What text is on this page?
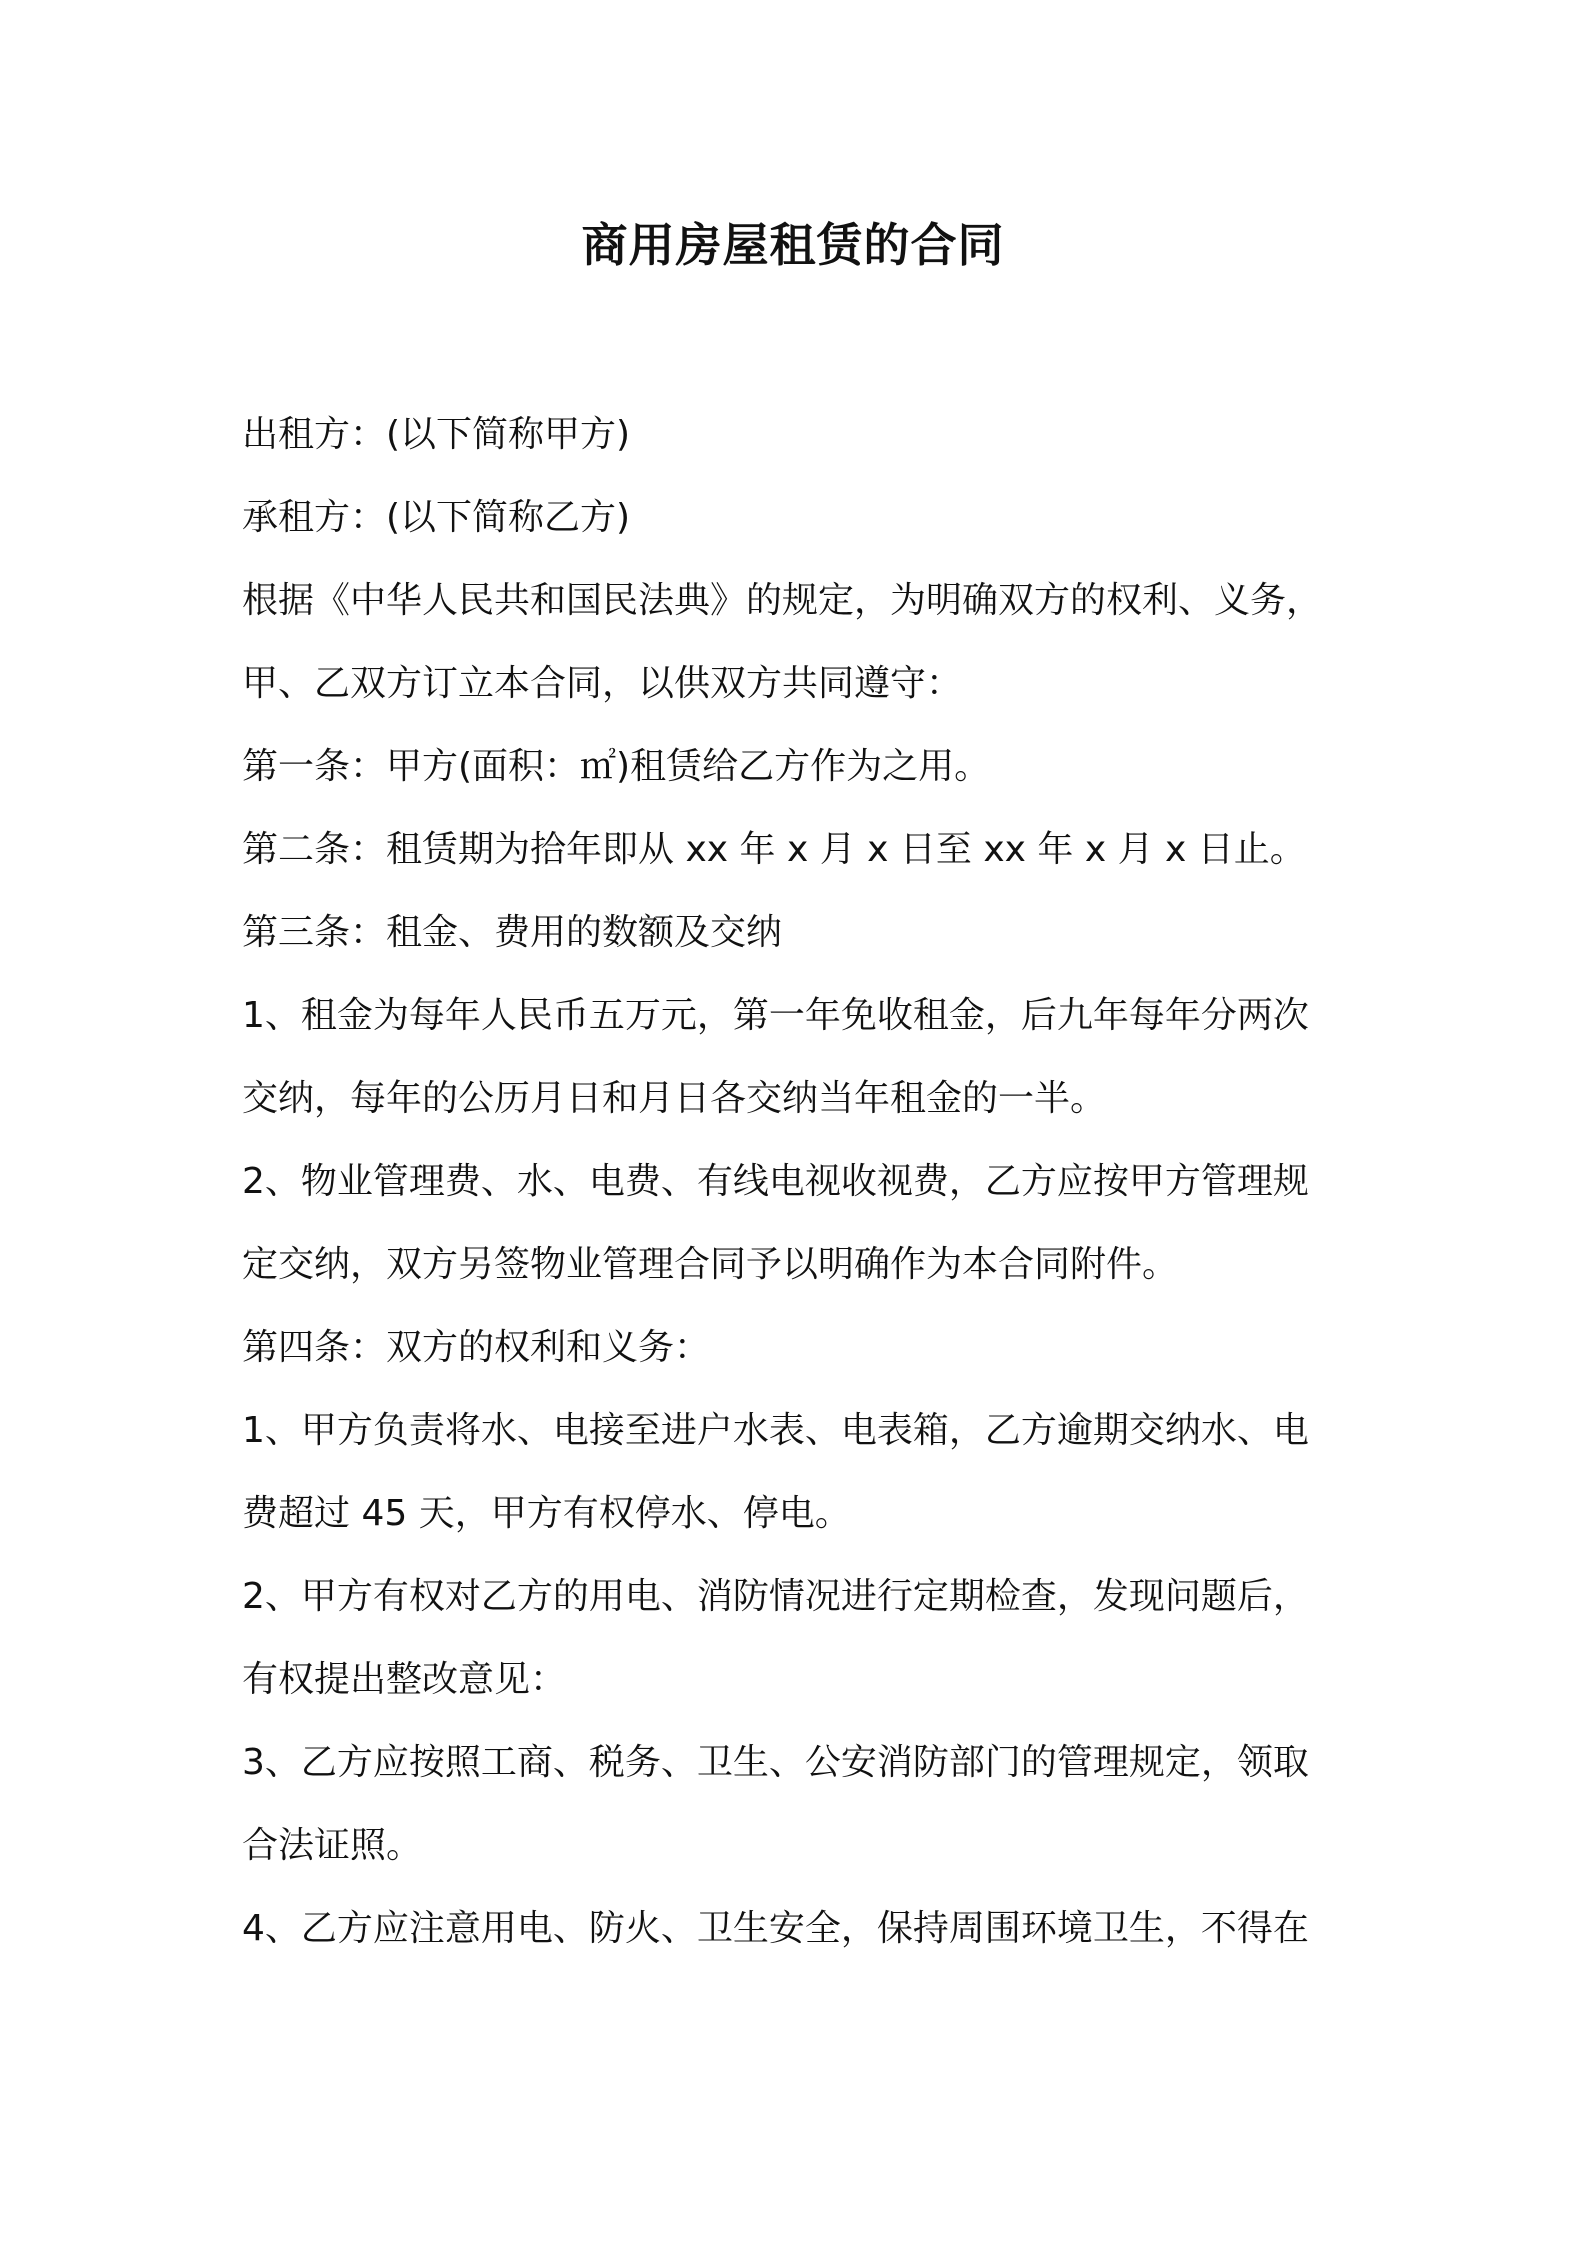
商用房屋租赁的合同

出租方：(以下简称甲方)

承租方：(以下简称乙方)

根据《中华人民共和国民法典》的规定，为明确双方的权利、义务，

甲、乙双方订立本合同，以供双方共同遵守：

第一条：甲方(面积：㎡)租赁给乙方作为之用。

第二条：租赁期为拾年即从 xx 年 x 月 x 日至 xx 年 x 月 x 日止。

第三条：租金、费用的数额及交纳

1、租金为每年人民币五万元，第一年免收租金，后九年每年分两次

交纳，每年的公历月日和月日各交纳当年租金的一半。

2、物业管理费、水、电费、有线电视收视费，乙方应按甲方管理规

定交纳，双方另签物业管理合同予以明确作为本合同附件。

第四条：双方的权利和义务：

1、甲方负责将水、电接至进户水表、电表箱，乙方逾期交纳水、电

费超过 45 天，甲方有权停水、停电。

2、甲方有权对乙方的用电、消防情况进行定期检查，发现问题后，

有权提出整改意见：

3、乙方应按照工商、税务、卫生、公安消防部门的管理规定，领取

合法证照。

4、乙方应注意用电、防火、卫生安全，保持周围环境卫生，不得在
